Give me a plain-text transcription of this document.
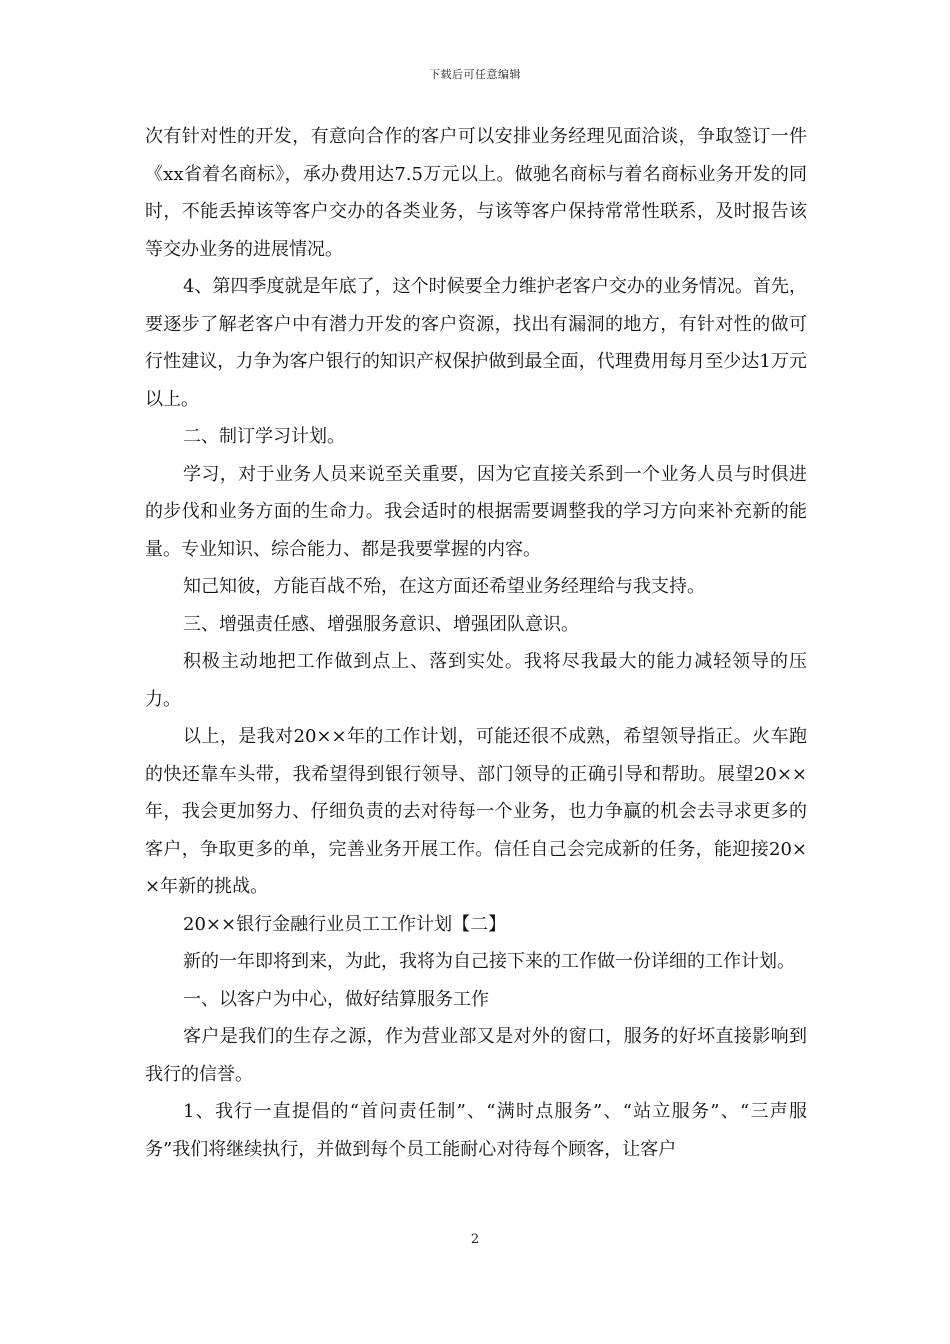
下载后可任意编辑

次有针对性的开发，有意向合作的客户可以安排业务经理见面洽谈，争取签订一件《xx省着名商标》，承办费用达7.5万元以上。做驰名商标与着名商标业务开发的同时，不能丢掉该等客户交办的各类业务，与该等客户保持常常性联系，及时报告该等交办业务的进展情况。

4、第四季度就是年底了，这个时候要全力维护老客户交办的业务情况。首先，要逐步了解老客户中有潜力开发的客户资源，找出有漏洞的地方，有针对性的做可行性建议，力争为客户银行的知识产权保护做到最全面，代理费用每月至少达1万元以上。

二、制订学习计划。

学习，对于业务人员来说至关重要，因为它直接关系到一个业务人员与时俱进的步伐和业务方面的生命力。我会适时的根据需要调整我的学习方向来补充新的能量。专业知识、综合能力、都是我要掌握的内容。

知己知彼，方能百战不殆，在这方面还希望业务经理给与我支持。

三、增强责任感、增强服务意识、增强团队意识。

积极主动地把工作做到点上、落到实处。我将尽我最大的能力减轻领导的压力。

以上，是我对20××年的工作计划，可能还很不成熟，希望领导指正。火车跑的快还靠车头带，我希望得到银行领导、部门领导的正确引导和帮助。展望20××年，我会更加努力、仔细负责的去对待每一个业务，也力争赢的机会去寻求更多的客户，争取更多的单，完善业务开展工作。信任自己会完成新的任务，能迎接20××年新的挑战。

20××银行金融行业员工工作计划【二】

新的一年即将到来，为此，我将为自己接下来的工作做一份详细的工作计划。

一、以客户为中心，做好结算服务工作

客户是我们的生存之源，作为营业部又是对外的窗口，服务的好坏直接影响到我行的信誉。

1、我行一直提倡的“首问责任制”、“满时点服务”、“站立服务”、“三声服务”我们将继续执行，并做到每个员工能耐心对待每个顾客，让客户

2
